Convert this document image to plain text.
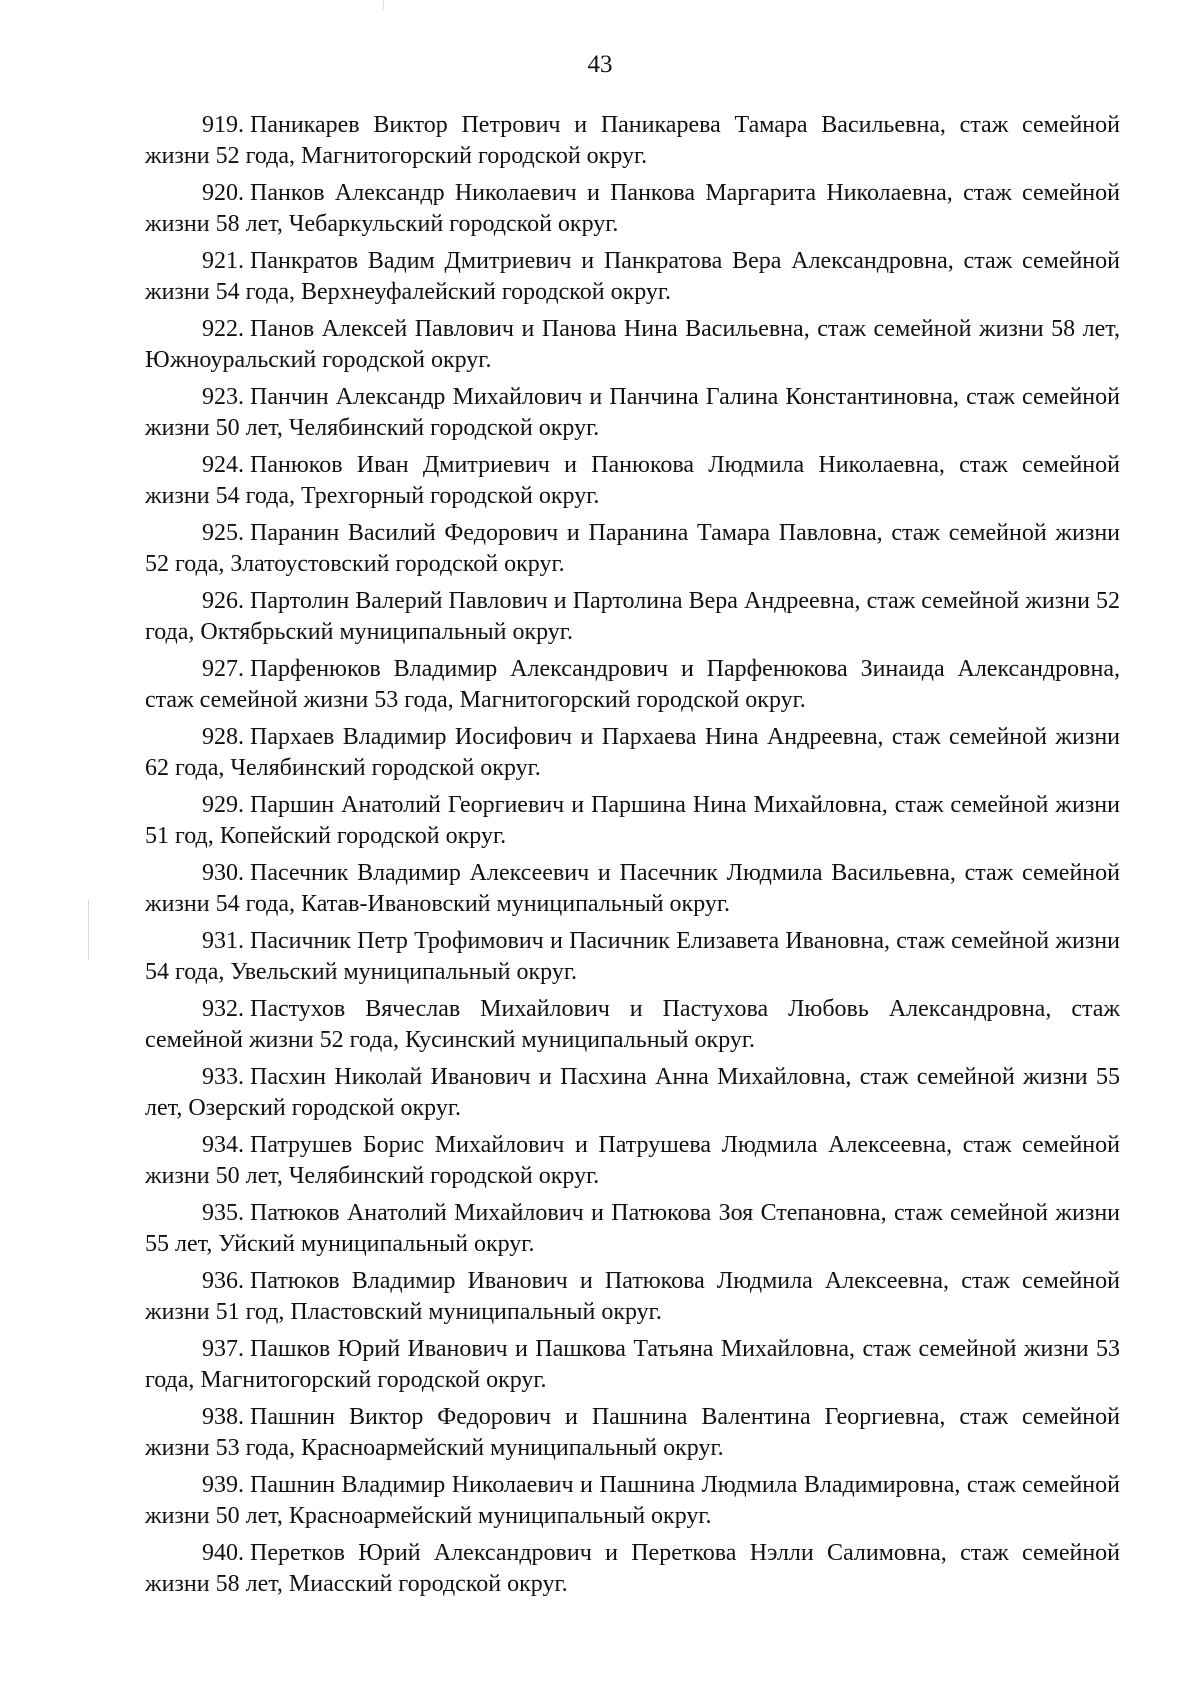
43
919. Паникарев Виктор Петрович и Паникарева Тамара Васильевна, стаж семейной жизни 52 года, Магнитогорский городской округ.
920. Панков Александр Николаевич и Панкова Маргарита Николаевна, стаж семейной жизни 58 лет, Чебаркульский городской округ.
921. Панкратов Вадим Дмитриевич и Панкратова Вера Александровна, стаж семейной жизни 54 года, Верхнеуфалейский городской округ.
922. Панов Алексей Павлович и Панова Нина Васильевна, стаж семейной жизни 58 лет, Южноуральский городской округ.
923. Панчин Александр Михайлович и Панчина Галина Константиновна, стаж семейной жизни 50 лет, Челябинский городской округ.
924. Панюков Иван Дмитриевич и Панюкова Людмила Николаевна, стаж семейной жизни 54 года, Трехгорный городской округ.
925. Паранин Василий Федорович и Паранина Тамара Павловна, стаж семейной жизни 52 года, Златоустовский городской округ.
926. Партолин Валерий Павлович и Партолина Вера Андреевна, стаж семейной жизни 52 года, Октябрьский муниципальный округ.
927. Парфенюков Владимир Александрович и Парфенюкова Зинаида Александровна, стаж семейной жизни 53 года, Магнитогорский городской округ.
928. Пархаев Владимир Иосифович и Пархаева Нина Андреевна, стаж семейной жизни 62 года, Челябинский городской округ.
929. Паршин Анатолий Георгиевич и Паршина Нина Михайловна, стаж семейной жизни 51 год, Копейский городской округ.
930. Пасечник Владимир Алексеевич и Пасечник Людмила Васильевна, стаж семейной жизни 54 года, Катав-Ивановский муниципальный округ.
931. Пасичник Петр Трофимович и Пасичник Елизавета Ивановна, стаж семейной жизни 54 года, Увельский муниципальный округ.
932. Пастухов Вячеслав Михайлович и Пастухова Любовь Александровна, стаж семейной жизни 52 года, Кусинский муниципальный округ.
933. Пасхин Николай Иванович и Пасхина Анна Михайловна, стаж семейной жизни 55 лет, Озерский городской округ.
934. Патрушев Борис Михайлович и Патрушева Людмила Алексеевна, стаж семейной жизни 50 лет, Челябинский городской округ.
935. Патюков Анатолий Михайлович и Патюкова Зоя Степановна, стаж семейной жизни 55 лет, Уйский муниципальный округ.
936. Патюков Владимир Иванович и Патюкова Людмила Алексеевна, стаж семейной жизни 51 год, Пластовский муниципальный округ.
937. Пашков Юрий Иванович и Пашкова Татьяна Михайловна, стаж семейной жизни 53 года, Магнитогорский городской округ.
938. Пашнин Виктор Федорович и Пашнина Валентина Георгиевна, стаж семейной жизни 53 года, Красноармейский муниципальный округ.
939. Пашнин Владимир Николаевич и Пашнина Людмила Владимировна, стаж семейной жизни 50 лет, Красноармейский муниципальный округ.
940. Перетков Юрий Александрович и Переткова Нэлли Салимовна, стаж семейной жизни 58 лет, Миасский городской округ.
